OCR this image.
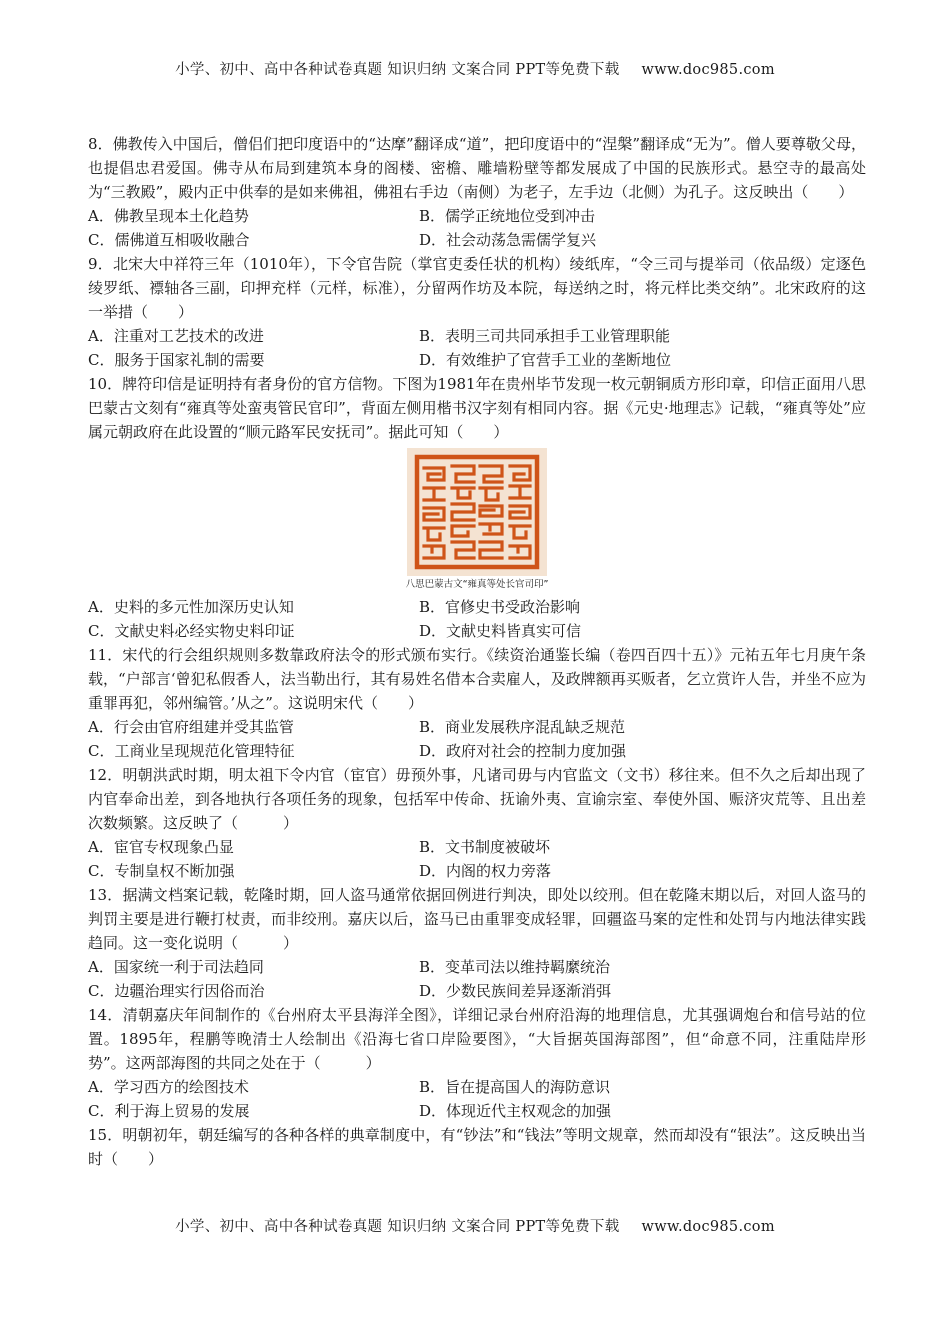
小学、初中、高中各种试卷真题 知识归纳 文案合同 PPT等免费下载 www.doc985.com

8．佛教传入中国后，僧侣们把印度语中的“达摩”翻译成“道”，把印度语中的“涅槃”翻译成“无为”。僧人要尊敬父母，也提倡忠君爱国。佛寺从布局到建筑本身的阁楼、密檐、雕墙粉壁等都发展成了中国的民族形式。悬空寺的最高处为“三教殿”，殿内正中供奉的是如来佛祖，佛祖右手边（南侧）为老子，左手边（北侧）为孔子。这反映出（　　）

A．佛教呈现本土化趋势	B．儒学正统地位受到冲击
C．儒佛道互相吸收融合	D．社会动荡急需儒学复兴

9．北宋大中祥符三年（1010年），下令官告院（掌官吏委任状的机构）绫纸库，“令三司与提举司（依品级）定逐色绫罗纸、褾轴各三副，印押充样（元样，标准），分留两作坊及本院，每送纳之时，将元样比类交纳”。北宋政府的这一举措（　　）

A．注重对工艺技术的改进	B．表明三司共同承担手工业管理职能
C．服务于国家礼制的需要	D．有效维护了官营手工业的垄断地位

10．牌符印信是证明持有者身份的官方信物。下图为1981年在贵州毕节发现一枚元朝铜质方形印章，印信正面用八思巴蒙古文刻有“雍真等处蛮夷管民官印”，背面左侧用楷书汉字刻有相同内容。据《元史·地理志》记载，“雍真等处”应属元朝政府在此设置的“顺元路军民安抚司”。据此可知（　　）

八思巴蒙古文“雍真等处长官司印”
A．史料的多元性加深历史认知	B．官修史书受政治影响
C．文献史料必经实物史料印证	D．文献史料皆真实可信

11．宋代的行会组织规则多数靠政府法令的形式颁布实行。《续资治通鉴长编（卷四百四十五）》元祐五年七月庚午条载，“户部言‘曾犯私假香人，法当勒出行，其有易姓名借本合卖雇人，及政牌额再买贩者，乞立赏许人告，并坐不应为重罪再犯，邻州编管。’从之”。这说明宋代（　　）

A．行会由官府组建并受其监管	B．商业发展秩序混乱缺乏规范
C．工商业呈现规范化管理特征	D．政府对社会的控制力度加强

12．明朝洪武时期，明太祖下令内官（宦官）毋预外事，凡诸司毋与内官监文（文书）移往来。但不久之后却出现了内官奉命出差，到各地执行各项任务的现象，包括军中传命、抚谕外夷、宣谕宗室、奉使外国、赈济灾荒等、且出差次数频繁。这反映了（　　　）

A．宦官专权现象凸显	B．文书制度被破坏
C．专制皇权不断加强	D．内阁的权力旁落

13．据满文档案记载，乾隆时期，回人盗马通常依据回例进行判决，即处以绞刑。但在乾隆末期以后，对回人盗马的判罚主要是进行鞭打杖责，而非绞刑。嘉庆以后，盗马已由重罪变成轻罪，回疆盗马案的定性和处罚与内地法律实践趋同。这一变化说明（　　　）

A．国家统一利于司法趋同	B．变革司法以维持羁縻统治
C．边疆治理实行因俗而治	D．少数民族间差异逐渐消弭

14．清朝嘉庆年间制作的《台州府太平县海洋全图》，详细记录台州府沿海的地理信息，尤其强调炮台和信号站的位置。1895年，程鹏等晚清士人绘制出《沿海七省口岸险要图》，“大旨据英国海部图”，但“命意不同，注重陆岸形势”。这两部海图的共同之处在于（　　　）

A．学习西方的绘图技术	B．旨在提高国人的海防意识
C．利于海上贸易的发展	D．体现近代主权观念的加强

15．明朝初年，朝廷编写的各种各样的典章制度中，有“钞法”和“钱法”等明文规章，然而却没有“银法”。这反映出当时（　　）

小学、初中、高中各种试卷真题 知识归纳 文案合同 PPT等免费下载 www.doc985.com
